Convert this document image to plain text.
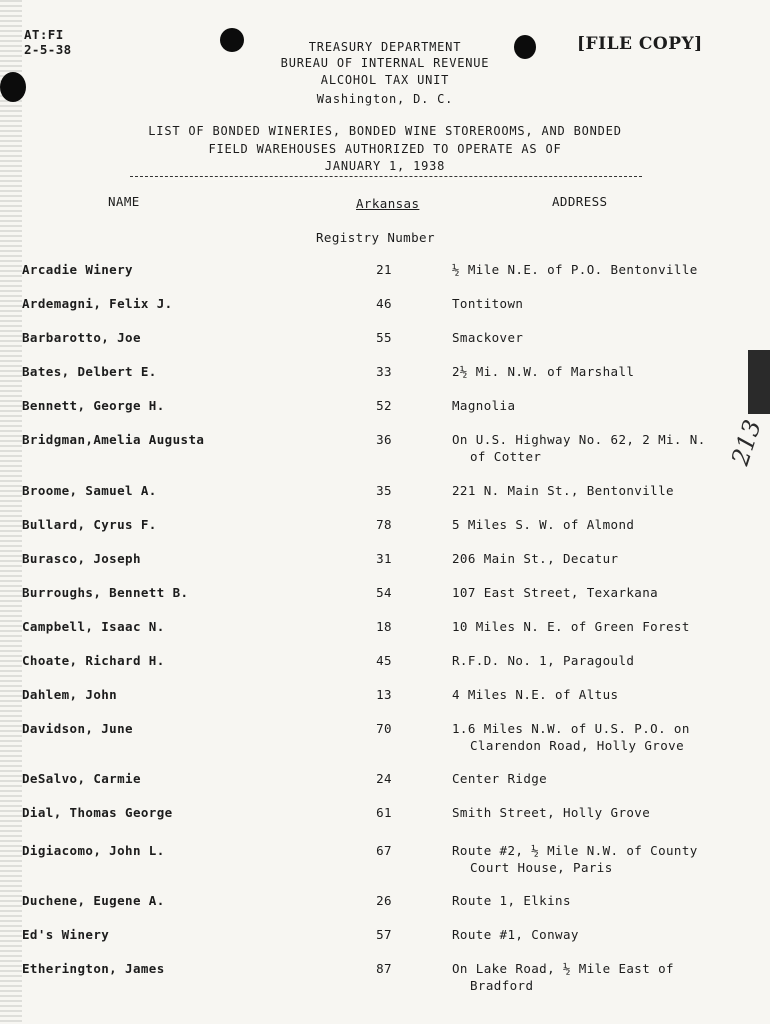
AT:FI
2-5-38	[FILE COPY]
213
TREASURY DEPARTMENT
BUREAU OF INTERNAL REVENUE
ALCOHOL TAX UNIT
Washington, D. C.
LIST OF BONDED WINERIES, BONDED WINE STOREROOMS, AND BONDED
FIELD WAREHOUSES AUTHORIZED TO OPERATE AS OF
JANUARY 1, 1938
NAME	Arkansas	ADDRESS
Registry Number
Arcadie Winery	21	½ Mile N.E. of P.O. Bentonville
Ardemagni, Felix J.	46	Tontitown
Barbarotto, Joe	55	Smackover
Bates, Delbert E.	33	2½ Mi. N.W. of Marshall
Bennett, George H.	52	Magnolia
Bridgman,Amelia Augusta	36	On U.S. Highway No. 62, 2 Mi. N.
of Cotter
Broome, Samuel A.	35	221 N. Main St., Bentonville
Bullard, Cyrus F.	78	5 Miles S. W. of Almond
Burasco, Joseph	31	206 Main St., Decatur
Burroughs, Bennett B.	54	107 East Street, Texarkana
Campbell, Isaac N.	18	10 Miles N. E. of Green Forest
Choate, Richard H.	45	R.F.D. No. 1, Paragould
Dahlem, John	13	4 Miles N.E. of Altus
Davidson, June	70	1.6 Miles N.W. of U.S. P.O. on
Clarendon Road, Holly Grove
DeSalvo, Carmie	24	Center Ridge
Dial, Thomas George	61	Smith Street, Holly Grove
Digiacomo, John L.	67	Route #2, ½ Mile N.W. of County
Court House, Paris
Duchene, Eugene A.	26	Route 1, Elkins
Ed's Winery	57	Route #1, Conway
Etherington, James	87	On Lake Road, ½ Mile East of
Bradford
